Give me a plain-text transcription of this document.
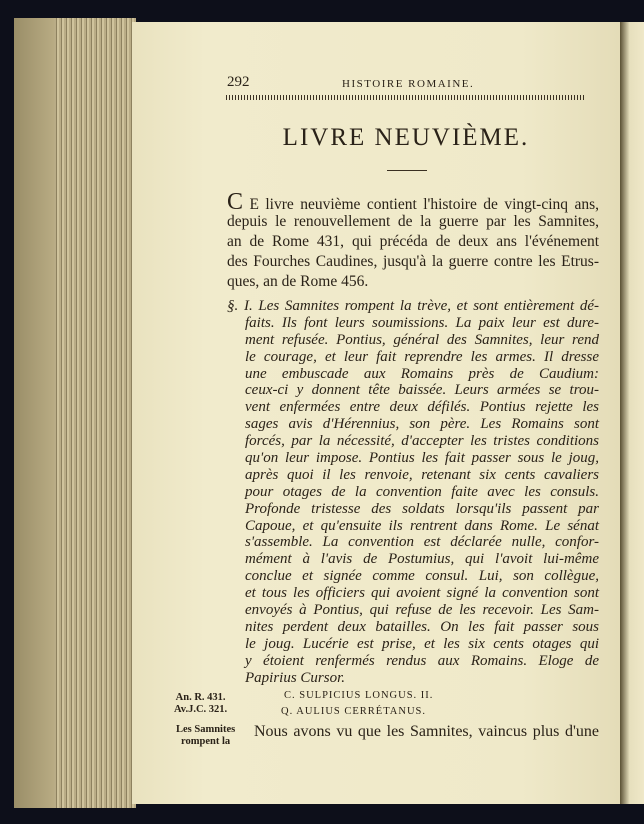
292	HISTOIRE ROMAINE.
LIVRE NEUVIÈME.
C E livre neuvième contient l'histoire de vingt-cinq ans,
depuis le renouvellement de la guerre par les Samnites,
an de Rome 431, qui précéda de deux ans l'événement
des Fourches Caudines, jusqu'à la guerre contre les Etrus-
ques, an de Rome 456.
§. I. Les Samnites rompent la trève, et sont entièrement dé-
faits. Ils font leurs soumissions. La paix leur est dure-
ment refusée. Pontius, général des Samnites, leur rend
le courage, et leur fait reprendre les armes. Il dresse
une embuscade aux Romains près de Caudium:
ceux-ci y donnent tête baissée. Leurs armées se trou-
vent enfermées entre deux défilés. Pontius rejette les
sages avis d'Hérennius, son père. Les Romains sont
forcés, par la nécessité, d'accepter les tristes conditions
qu'on leur impose. Pontius les fait passer sous le joug,
après quoi il les renvoie, retenant six cents cavaliers
pour otages de la convention faite avec les consuls.
Profonde tristesse des soldats lorsqu'ils passent par
Capoue, et qu'ensuite ils rentrent dans Rome. Le sénat
s'assemble. La convention est déclarée nulle, confor-
mément à l'avis de Postumius, qui l'avoit lui-même
conclue et signée comme consul. Lui, son collègue,
et tous les officiers qui avoient signé la convention sont
envoyés à Pontius, qui refuse de les recevoir. Les Sam-
nites perdent deux batailles. On les fait passer sous
le joug. Lucérie est prise, et les six cents otages qui
y étoient renfermés rendus aux Romains. Eloge de
Papirius Cursor.
C. SULPICIUS LONGUS. II.
Q. AULIUS CERRÉTANUS.
An. R. 431.
Av.J.C. 321.
Les Samnites
rompent la
Nous avons vu que les Samnites, vaincus plus d'une
